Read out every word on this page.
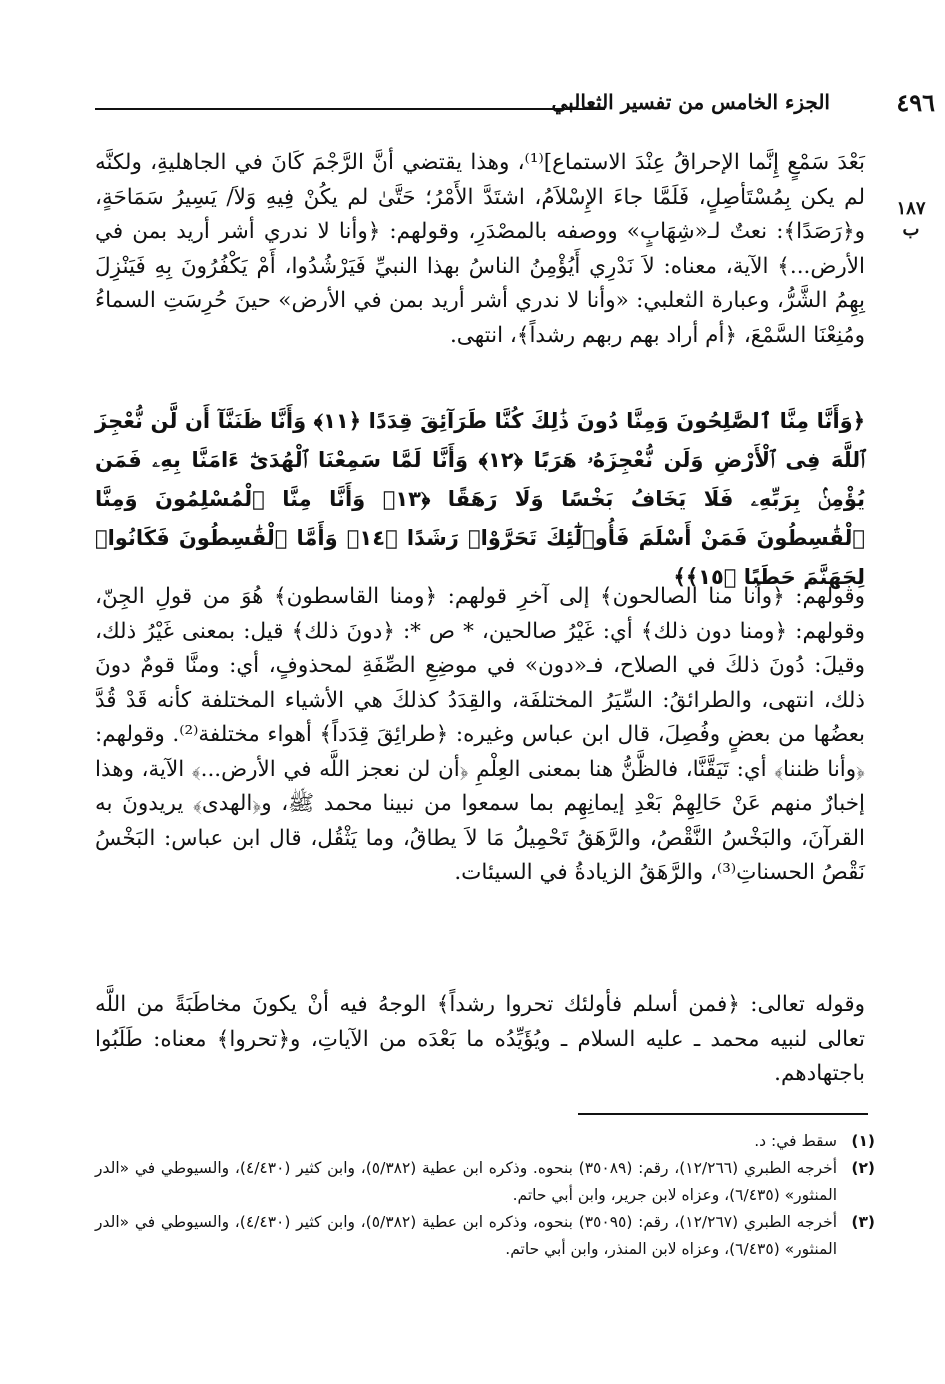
٤٩٦
الجزء الخامس من تفسير الثعالبي
١٨٧ ب

بَعْدَ سَمْعٍ إِنَّما الإحراقُ عِنْدَ الاستماع]⁽¹⁾، وهذا يقتضي أنَّ الرَّجْمَ كَانَ في الجاهليةِ، ولكنَّه لم يكن بِمُسْتَأصِلٍ، فَلَمَّا جاءَ الإِسْلاَمُ، اشتَدَّ الأَمْرُ؛ حَتَّىٰ لم يكُنْ فِيهِ وَلاَ/ يَسِيرُ سَمَاحَةٍ، و﴿رَصَدًا﴾: نعتٌ لـ«شِهَابٍ» ووصفه بالمصْدَرِ، وقولهم: ﴿وأنا لا ندري أشر أريد بمن في الأرض...﴾ الآية، معناه: لاَ نَدْرِي أَيُؤْمِنُ الناسُ بهذا النبيِّ فَيَرْشُدُوا، أَمْ يَكْفُرُونَ بِهِ فَيَنْزِلَ بِهِمُ الشَّرُّ، وعبارة الثعلبي: «وأنا لا ندري أشر أريد بمن في الأرض» حينَ حُرِسَتِ السماءُ ومُنِعْنَا السَّمْعَ، ﴿أم أراد بهم ربهم رشداً﴾، انتهى.

﴿وَأَنَّا مِنَّا ٱلصَّٰلِحُونَ وَمِنَّا دُونَ ذَٰلِكَ كُنَّا طَرَآئِقَ قِدَدًا ﴿١١﴾ وَأَنَّا ظَنَنَّآ أَن لَّن نُّعْجِزَ ٱللَّهَ فِى ٱلْأَرْضِ وَلَن نُّعْجِزَهُۥ هَرَبًا ﴿١٢﴾ وَأَنَّا لَمَّا سَمِعْنَا ٱلْهُدَىٰٓ ءَامَنَّا بِهِۦ فَمَن يُؤْمِنۢ بِرَبِّهِۦ فَلَا يَخَافُ بَخْسًا وَلَا رَهَقًا ﴿١٣﴾ وَأَنَّا مِنَّا ٱلْمُسْلِمُونَ وَمِنَّا ٱلْقَٰسِطُونَ فَمَنْ أَسْلَمَ فَأُو۟لَٰٓئِكَ تَحَرَّوْا۟ رَشَدًا ﴿١٤﴾ وَأَمَّا ٱلْقَٰسِطُونَ فَكَانُوا۟ لِجَهَنَّمَ حَطَبًا ﴿١٥﴾﴾

وقولهم: ﴿وأنا منا الصالحون﴾ إلى آخرِ قولهم: ﴿ومنا القاسطون﴾ هُوَ من قولِ الجِنّ، وقولهم: ﴿ومنا دون ذلك﴾ أي: غَيْرُ صالحين، * ص *: ﴿دونَ ذلك﴾ قيل: بمعنى غَيْرُ ذلك، وقيلَ: دُونَ ذلكَ في الصلاح، فـ«دون» في موضِعِ الصِّفَةِ لمحذوفٍ، أي: ومنَّا قومٌ دونَ ذلك، انتهى، والطرائقُ: السِّيَرُ المختلفَة، والقِدَدُ كذلكَ هي الأشياء المختلفة كأنه قَدْ قُدَّ بعضُها من بعضٍ وفُصِلَ، قال ابن عباس وغيره: ﴿طرائِقَ قِدَداً﴾ أهواء مختلفة⁽²⁾. وقولهم: ﴿وأنا ظننا﴾ أي: تَيَقَّنَّا، فالظَّنُّ هنا بمعنى العِلْمِ ﴿أن لن نعجز اللَّه في الأرض...﴾ الآية، وهذا إخبارٌ منهم عَنْ حَالِهِمْ بَعْدِ إيمانِهِم بما سمعوا من نبينا محمد ﷺ، و﴿الهدى﴾ يريدونَ به القرآنَ، والبَخْسُ النَّقْصُ، والرَّهَقُ تَحْمِيلُ مَا لاَ يطاقُ، وما يَثْقُل، قال ابن عباس: البَخْسُ نَقْصُ الحسناتِ⁽³⁾، والرَّهَقُ الزيادةُ في السيئات.

وقوله تعالى: ﴿فمن أسلم فأولئك تحروا رشداً﴾ الوجهُ فيه أنْ يكونَ مخاطَبَةً من اللَّه تعالى لنبيه محمد ـ عليه السلام ـ ويُؤَيِّدُه ما بَعْدَه من الآياتِ، و﴿تحروا﴾ معناه: طَلَبُوا باجتهادهم.

(١)
سقط في: د.
(٢)
أخرجه الطبري (١٢/٢٦٦)، رقم: (٣٥٠٨٩) بنحوه. وذكره ابن عطية (٥/٣٨٢)، وابن كثير (٤/٤٣٠)، والسيوطي في «الدر المنثور» (٦/٤٣٥)، وعزاه لابن جرير، وابن أبي حاتم.
(٣)
أخرجه الطبري (١٢/٢٦٧)، رقم: (٣٥٠٩٥) بنحوه، وذكره ابن عطية (٥/٣٨٢)، وابن كثير (٤/٤٣٠)، والسيوطي في «الدر المنثور» (٦/٤٣٥)، وعزاه لابن المنذر، وابن أبي حاتم.
